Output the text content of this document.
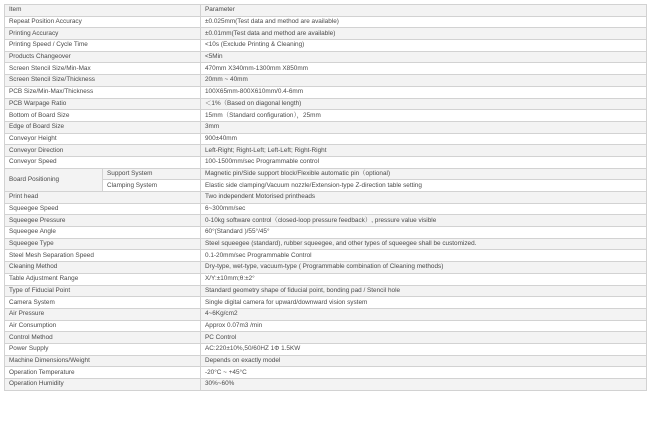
Item		Parameter
Repeat Position Accuracy		±0.025mm(Test data and method are available)
Printing Accuracy		±0.01mm(Test data and method are available)
Printing Speed / Cycle Time		<10s (Exclude Printing & Cleaning)
Products Changeover		<5Min
Screen Stencil Size/Min-Max		470mm X340mm-1300mm X850mm
Screen Stencil Size/Thickness		20mm ~ 40mm
PCB Size/Min-Max/Thickness		100X65mm-800X610mm/0.4-6mm
PCB Warpage Ratio		＜1%（Based on diagonal length)
Bottom of Board Size		15mm（Standard configuration），25mm
Edge of Board Size		3mm
Conveyor Height		900±40mm
Conveyor Direction		Left-Right; Right-Left; Left-Left; Right-Right
Conveyor Speed		100-1500mm/sec Programmable control
Board Positioning	Support System	Magnetic pin/Side support block/Flexible automatic pin（optional)
	Clamping System	Elastic side clamping/Vacuum nozzle/Extension-type Z-direction table setting
Print head		Two independent Motorised printheads
Squeegee Speed		6~300mm/sec
Squeegee Pressure		0-10kg software control（closed-loop pressure feedback）, pressure value visible
Squeegee Angle		60°(Standard )/55°/45°
Squeegee Type		Steel squeegee (standard), rubber squeegee, and other types of squeegee shall be customized.
Steel Mesh Separation Speed		0.1-20mm/sec Programmable Control
Cleaning Method		Dry-type, wet-type, vacuum-type ( Programmable combination of Cleaning methods)
Table Adjustment Range		X/Y:±10mm;θ:±2°
Type of Fiducial Point		Standard geometry shape of fiducial point, bonding pad / Stencil hole
Camera System		Single digital camera for upward/downward vision system
Air Pressure		4~6Kg/cm2
Air Consumption		Approx 0.07m3 /min
Control Method		PC Control
Power Supply		AC:220±10%,50/60HZ 1Φ 1.5KW
Machine Dimensions/Weight		Depends on exactly model
Operation Temperature		-20°C ~ +45°C
Operation Humidity		30%~60%
